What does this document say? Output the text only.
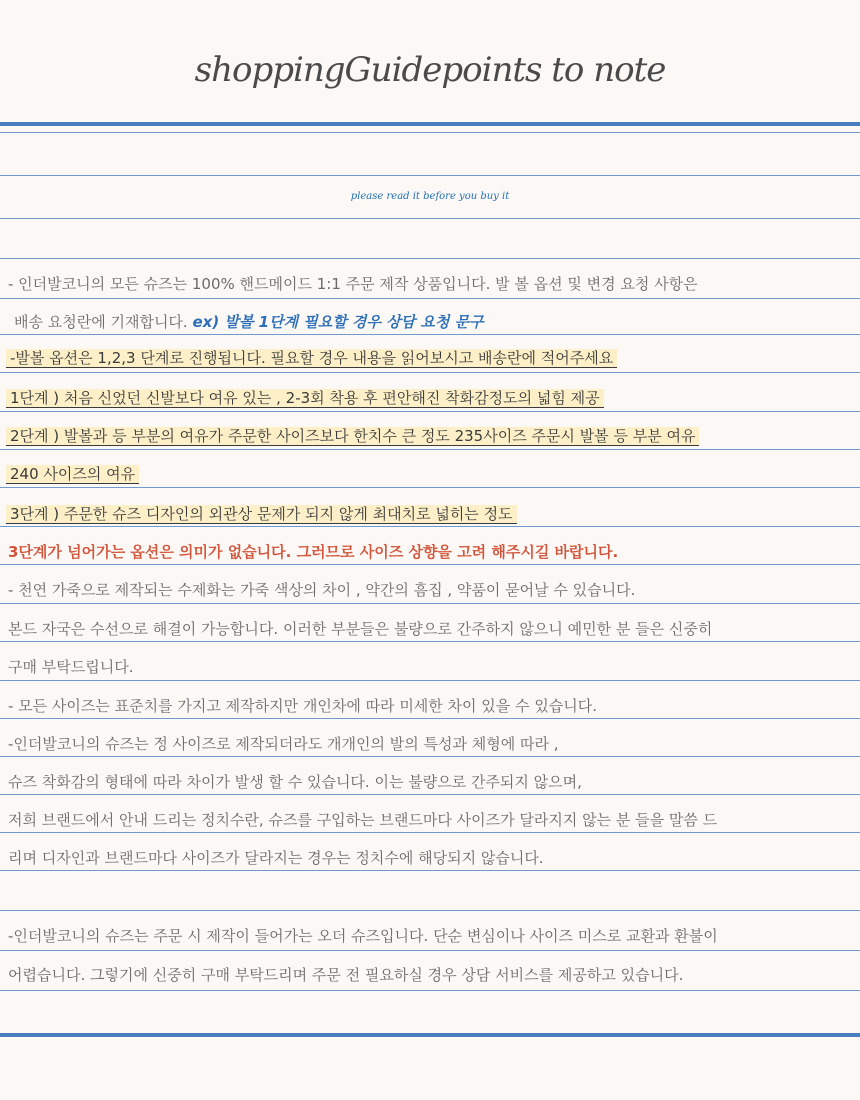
shoppingGuidepoints to note
please read it before you buy it
- 인더발코니의 모든 슈즈는 100% 핸드메이드 1:1 주문 제작 상품입니다. 발 볼 옵션 및 변경 요청 사항은
배송 요청란에 기재합니다. ex) 발볼 1단계 필요할 경우 상담 요청 문구
-발볼 옵션은 1,2,3 단계로 진행됩니다. 필요할 경우 내용을 읽어보시고 배송란에 적어주세요
1단계 ) 처음 신었던 신발보다 여유 있는 , 2-3회 착용 후 편안해진 착화감정도의 넓힘 제공
2단계 ) 발볼과 등 부분의 여유가 주문한 사이즈보다 한치수 큰 정도 235사이즈 주문시 발볼 등 부분 여유
240 사이즈의 여유
3단계 ) 주문한 슈즈 디자인의 외관상 문제가 되지 않게 최대치로 넓히는 정도
3단계가 넘어가는 옵션은 의미가 없습니다. 그러므로 사이즈 상향을 고려 해주시길 바랍니다.
- 천연 가죽으로 제작되는 수제화는 가죽 색상의 차이 , 약간의 흠집 , 약품이 묻어날 수 있습니다.
본드 자국은 수선으로 해결이 가능합니다. 이러한 부분들은 불량으로 간주하지 않으니 예민한 분 들은 신중히
구매 부탁드립니다.
- 모든 사이즈는 표준치를 가지고 제작하지만 개인차에 따라 미세한 차이 있을 수 있습니다.
-인더발코니의 슈즈는 정 사이즈로 제작되더라도 개개인의 발의 특성과 체형에 따라 ,
슈즈 착화감의 형태에 따라 차이가 발생 할 수 있습니다. 이는 불량으로 간주되지 않으며,
저희 브랜드에서 안내 드리는 정치수란, 슈즈를 구입하는 브랜드마다 사이즈가 달라지지 않는 분 들을 말씀 드
리며 디자인과 브랜드마다 사이즈가 달라지는 경우는 정치수에 해당되지 않습니다.
-인더발코니의 슈즈는 주문 시 제작이 들어가는 오더 슈즈입니다. 단순 변심이나 사이즈 미스로 교환과 환불이
어렵습니다. 그렇기에 신중히 구매 부탁드리며 주문 전 필요하실 경우 상담 서비스를 제공하고 있습니다.
